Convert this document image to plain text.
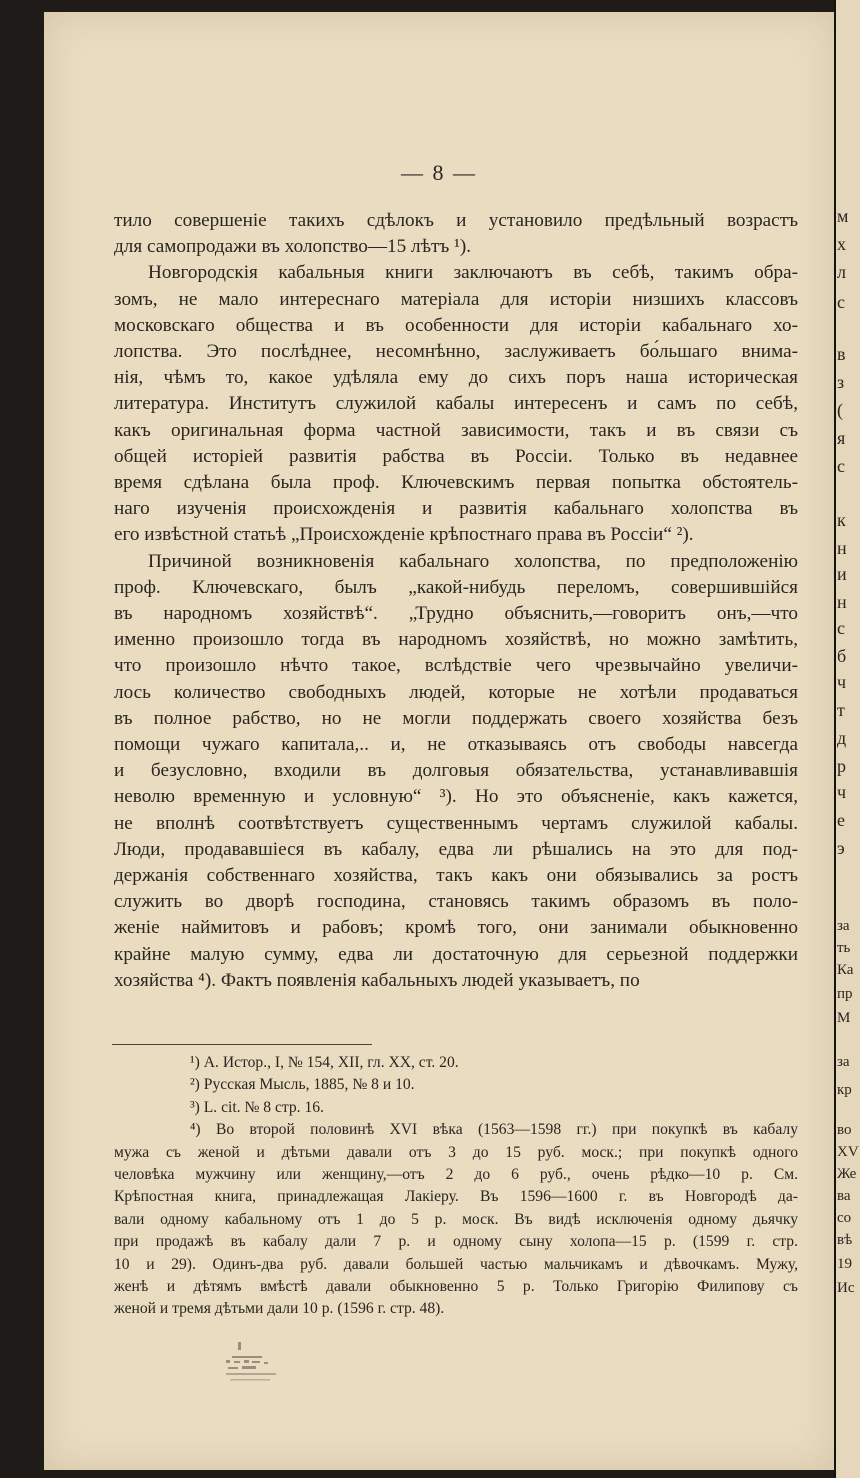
— 8 —
тило совершеніе такихъ сдѣлокъ и установило предѣльный возрастъ
для самопродажи въ холопство—15 лѣтъ ¹).
Новгородскія кабальныя книги заключаютъ въ себѣ, такимъ обра-
зомъ, не мало интереснаго матеріала для исторіи низшихъ классовъ
московскаго общества и въ особенности для исторіи кабальнаго хо-
лопства. Это послѣднее, несомнѣнно, заслуживаетъ бо́льшаго внима-
нія, чѣмъ то, какое удѣляла ему до сихъ поръ наша историческая
литература. Институтъ служилой кабалы интересенъ и самъ по себѣ,
какъ оригинальная форма частной зависимости, такъ и въ связи съ
общей исторіей развитія рабства въ Россіи. Только въ недавнее
время сдѣлана была проф. Ключевскимъ первая попытка обстоятель-
наго изученія происхожденія и развитія кабальнаго холопства въ
его извѣстной статьѣ „Происхожденіе крѣпостнаго права въ Россіи“ ²).
Причиной возникновенія кабальнаго холопства, по предположенію
проф. Ключевскаго, былъ „какой-нибудь переломъ, совершившійся
въ народномъ хозяйствѣ“. „Трудно объяснить,—говоритъ онъ,—что
именно произошло тогда въ народномъ хозяйствѣ, но можно замѣтить,
что произошло нѣчто такое, вслѣдствіе чего чрезвычайно увеличи-
лось количество свободныхъ людей, которые не хотѣли продаваться
въ полное рабство, но не могли поддержать своего хозяйства безъ
помощи чужаго капитала,.. и, не отказываясь отъ свободы навсегда
и безусловно, входили въ долговыя обязательства, устанавливавшія
неволю временную и условную“ ³). Но это объясненіе, какъ кажется,
не вполнѣ соотвѣтствуетъ существеннымъ чертамъ служилой кабалы.
Люди, продававшіеся въ кабалу, едва ли рѣшались на это для под-
держанія собственнаго хозяйства, такъ какъ они обязывались за ростъ
служить во дворѣ господина, становясь такимъ образомъ въ поло-
женіе наймитовъ и рабовъ; кромѣ того, они занимали обыкновенно
крайне малую сумму, едва ли достаточную для серьезной поддержки
хозяйства ⁴). Фактъ появленія кабальныхъ людей указываетъ, по
¹) А. Истор., I, № 154, XII, гл. XX, ст. 20.
²) Русская Мысль, 1885, № 8 и 10.
³) L. cit. № 8 стр. 16.
⁴) Во второй половинѣ XVI вѣка (1563—1598 гг.) при покупкѣ въ кабалу
мужа съ женой и дѣтьми давали отъ 3 до 15 руб. моск.; при покупкѣ одного
человѣка мужчину или женщину,—отъ 2 до 6 руб., очень рѣдко—10 р. См.
Крѣпостная книга, принадлежащая Лакіеру. Въ 1596—1600 г. въ Новгородѣ да-
вали одному кабальному отъ 1 до 5 р. моск. Въ видѣ исключенія одному дьячку
при продажѣ въ кабалу дали 7 р. и одному сыну холопа—15 р. (1599 г. стр.
10 и 29). Одинъ-два руб. давали большей частью мальчикамъ и дѣвочкамъ. Мужу,
женѣ и дѣтямъ вмѣстѣ давали обыкновенно 5 р. Только Григорію Филипову съ
женой и тремя дѣтьми дали 10 р. (1596 г. стр. 48).
м
х
л
с
в
з
(
я
с
к
н
и
н
с
б
ч
т
д
р
ч
е
э
за
ть
Ка
пр
М
за
кр
во
XV
Же
ва
со
вѣ
19
Ис
